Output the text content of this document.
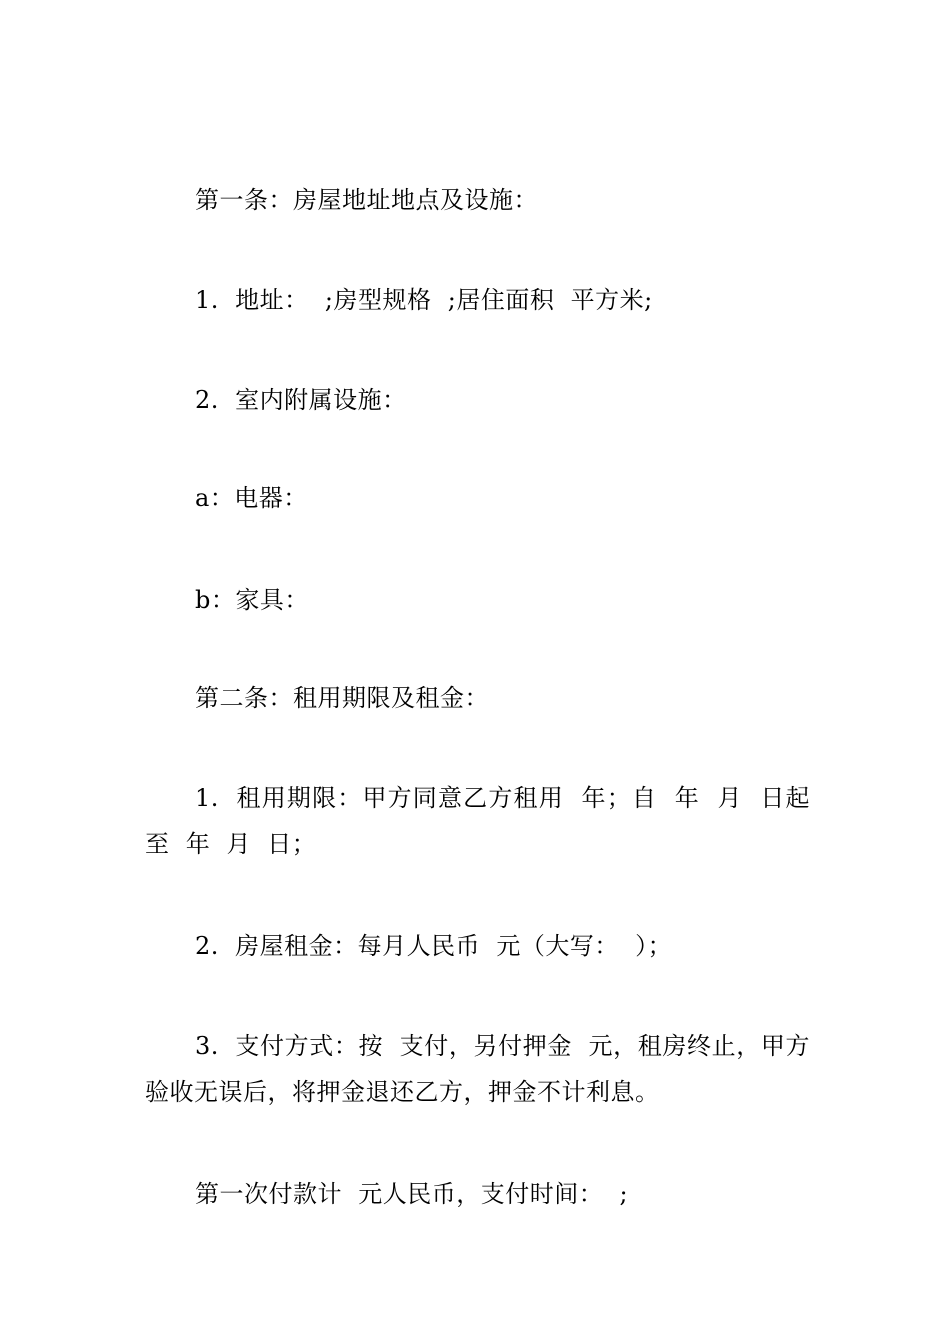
第一条：房屋地址地点及设施：

1.  地址：  ;房型规格  ;居住面积  平方米;

2.  室内附属设施：

a：电器：

b：家具：

第二条：租用期限及租金：

1.  租用期限：甲方同意乙方租用  年；自  年  月  日起至  年  月  日；

2.  房屋租金：每月人民币  元（大写：  ）；

3.  支付方式：按  支付，另付押金  元，租房终止，甲方验收无误后，将押金退还乙方，押金不计利息。

第一次付款计  元人民币，支付时间：  ;
